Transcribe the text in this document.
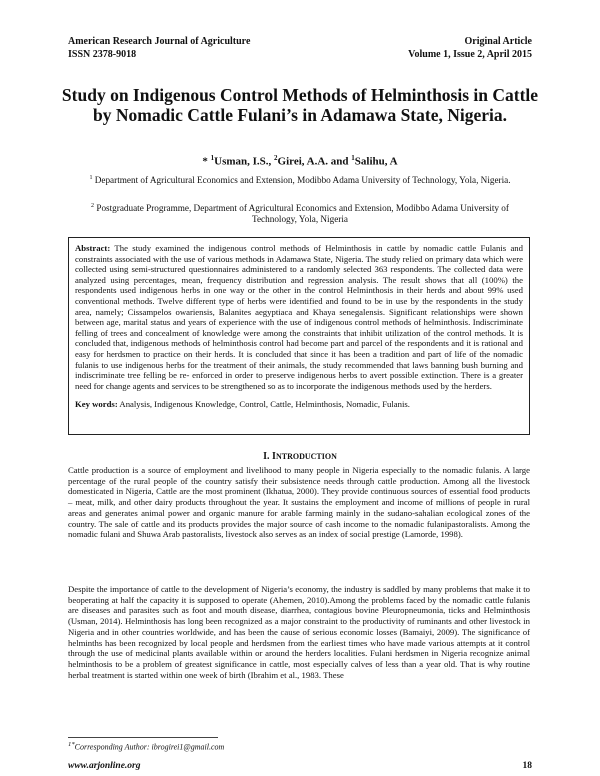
American Research Journal of Agriculture	Original Article
ISSN 2378-9018	Volume 1, Issue 2, April 2015
Study on Indigenous Control Methods of Helminthosis in Cattle by Nomadic Cattle Fulani’s in Adamawa State, Nigeria.
* $^1$Usman, I.S., $^2$Girei, A.A. and $^1$Salihu, A
$^1$ Department of Agricultural Economics and Extension, Modibbo Adama University of Technology, Yola, Nigeria.
$^2$ Postgraduate Programme, Department of Agricultural Economics and Extension, Modibbo Adama University of Technology, Yola, Nigeria
Abstract: The study examined the indigenous control methods of Helminthosis in cattle by nomadic cattle Fulanis and constraints associated with the use of various methods in Adamawa State, Nigeria. The study relied on primary data which were collected using semi-structured questionnaires administered to a randomly selected 363 respondents. The collected data were analyzed using percentages, mean, frequency distribution and regression analysis. The result shows that all (100%) the respondents used indigenous herbs in one way or the other in the control Helminthosis in their herds and about 99% used conventional methods. Twelve different type of herbs were identified and found to be in use by the respondents in the study area, namely; Cissampelos owariensis, Balanites aegyptiaca and Khaya senegalensis. Significant relationships were shown between age, marital status and years of experience with the use of indigenous control methods of helminthosis. Indiscriminate felling of trees and concealment of knowledge were among the constraints that inhibit utilization of the control methods. It is concluded that, indigenous methods of helminthosis control had become part and parcel of the respondents and it is rational and easy for herdsmen to practice on their herds. It is concluded that since it has been a tradition and part of life of the nomadic fulanis to use indigenous herbs for the treatment of their animals, the study recommended that laws banning bush burning and indiscriminate tree felling be re- enforced in order to preserve indigenous herbs to avert possible extinction. There is a greater need for change agents and services to be strengthened so as to incorporate the indigenous methods used by the herders.
Key words: Analysis, Indigenous Knowledge, Control, Cattle, Helminthosis, Nomadic, Fulanis.
I. INTRODUCTION

Cattle production is a source of employment and livelihood to many people in Nigeria especially to the nomadic fulanis. A large percentage of the rural people of the country satisfy their subsistence needs through cattle production. Among all the livestock domesticated in Nigeria, Cattle are the most prominent (Ikhatua, 2000). They provide continuous sources of essential food products – meat, milk, and other dairy products throughout the year. It sustains the employment and income of millions of people in rural areas and generates animal power and organic manure for arable farming mainly in the sudano-sahalian ecological zones of the country. The sale of cattle and its products provides the major source of cash income to the nomadic fulanipastoralists. Among the nomadic fulani and Shuwa Arab pastoralists, livestock also serves as an index of social prestige (Lamorde, 1998).

Despite the importance of cattle to the development of Nigeria’s economy, the industry is saddled by many problems that make it to beoperating at half the capacity it is supposed to operate (Ahemen, 2010).Among the problems faced by the nomadic cattle fulanis are diseases and parasites such as foot and mouth disease, diarrhea, contagious bovine Pleuropneumonia, ticks and Helminthosis (Usman, 2014). Helminthosis has long been recognized as a major constraint to the productivity of ruminants and other livestock in Nigeria and in other countries worldwide, and has been the cause of serious economic losses (Bamaiyi, 2009). The significance of helminths has been recognized by local people and herdsmen from the earliest times who have made various attempts at it control through the use of medicinal plants available within or around the herders localities. Fulani herdsmen in Nigeria recognize animal helminthosis to be a problem of greatest significance in cattle, most especially calves of less than a year old. That is why routine herbal treatment is started within one week of birth (Ibrahim et al., 1983. These

$^{1*}$Corresponding Author: ibrogirei1@gmail.com
www.arjonline.org	18
